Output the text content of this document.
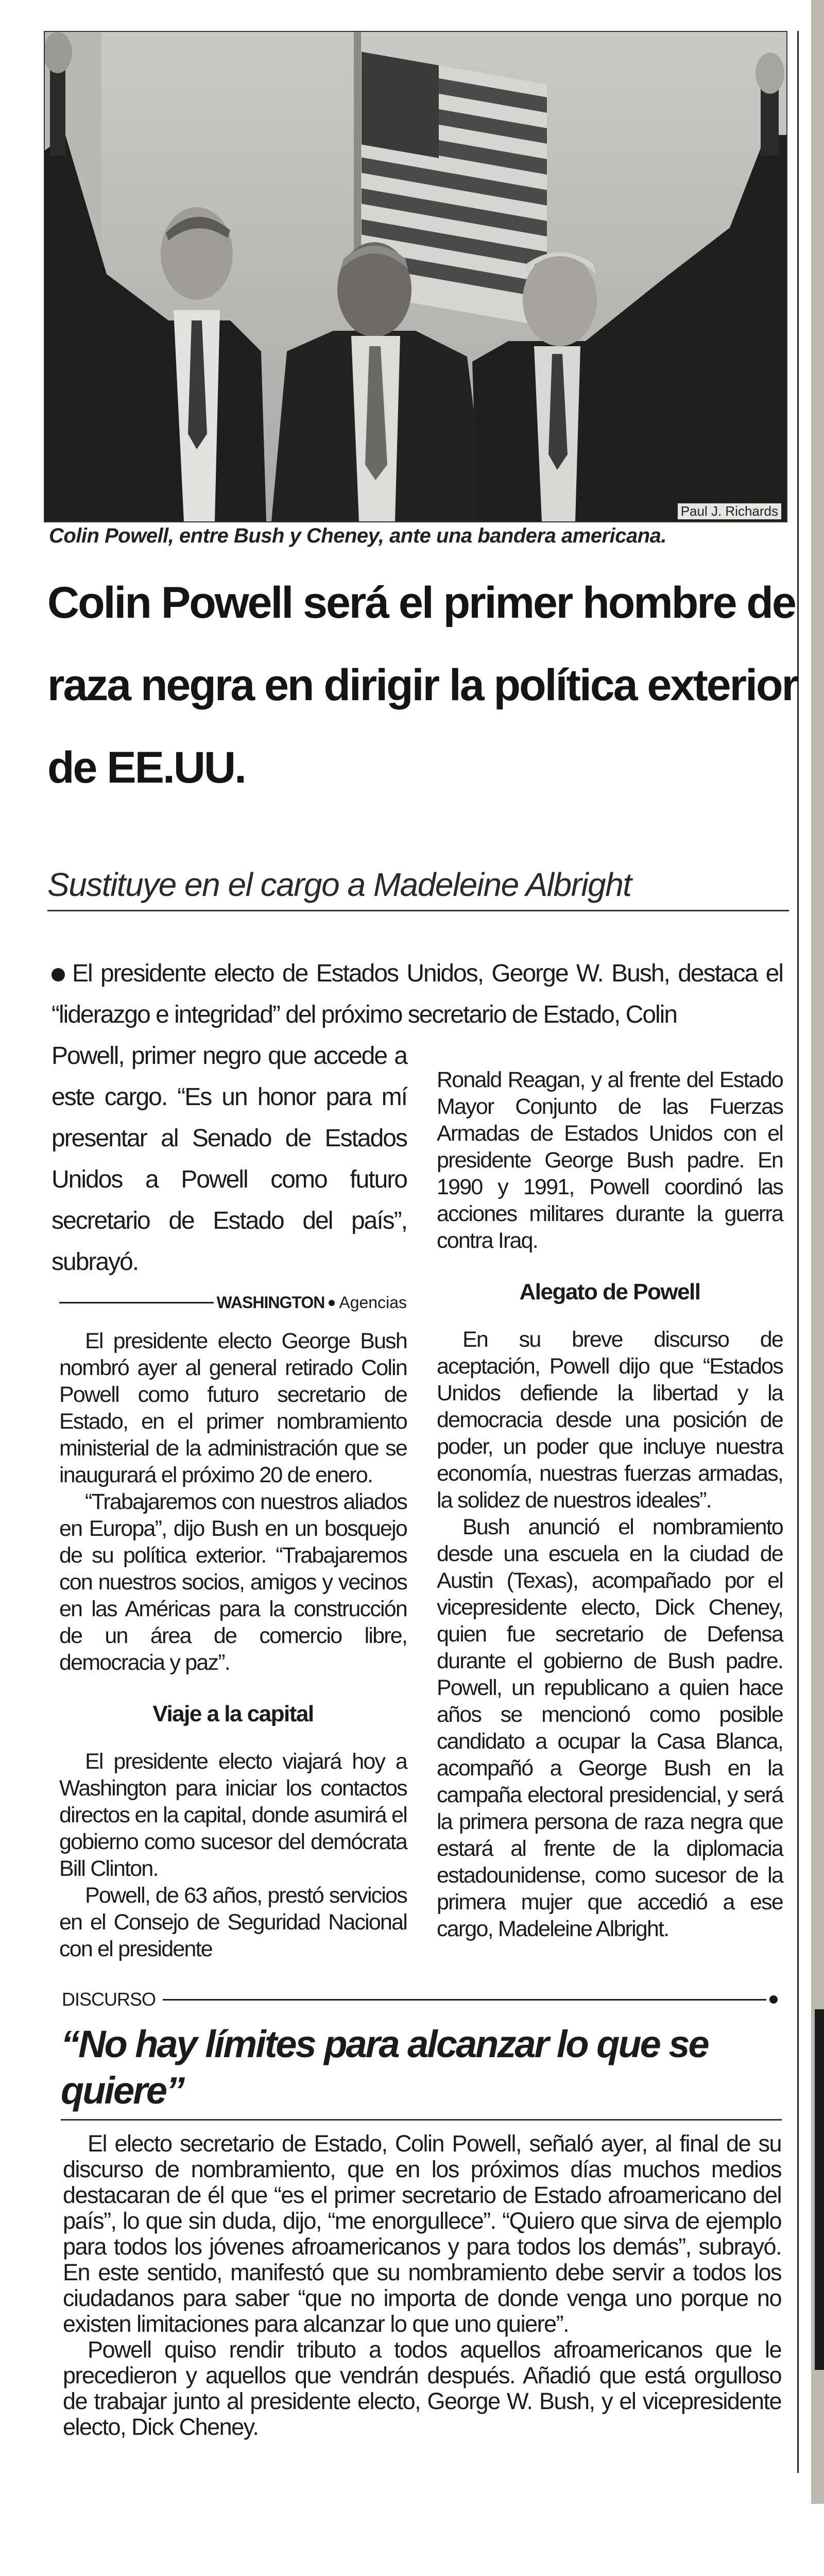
Paul J. Richards
Colin Powell, entre Bush y Cheney, ante una bandera americana.
Colin Powell será el primer hombre de raza negra en dirigir la política exterior de EE.UU.
Sustituye en el cargo a Madeleine Albright
El presidente electo de Estados Unidos, George W. Bush, destaca el “liderazgo e integridad” del próximo secretario de Estado, Colin
Powell, primer negro que accede a este cargo. “Es un honor para mí presentar al Senado de Estados Unidos a Powell como futuro secretario de Estado del país”, subrayó.
WASHINGTON Agencias

El presidente electo George Bush nombró ayer al general retirado Colin Powell como futuro secretario de Estado, en el primer nombramiento ministerial de la administración que se inaugurará el próximo 20 de enero.

“Trabajaremos con nuestros aliados en Europa”, dijo Bush en un bosquejo de su política exterior. “Trabajaremos con nuestros socios, amigos y vecinos en las Américas para la construcción de un área de comercio libre, democracia y paz”.

Viaje a la capital

El presidente electo viajará hoy a Washington para iniciar los contactos directos en la capital, donde asumirá el gobierno como sucesor del demócrata Bill Clinton.

Powell, de 63 años, prestó servicios en el Consejo de Seguridad Nacional con el presidente

Ronald Reagan, y al frente del Estado Mayor Conjunto de las Fuerzas Armadas de Estados Unidos con el presidente George Bush padre. En 1990 y 1991, Powell coordinó las acciones militares durante la guerra contra Iraq.

Alegato de Powell

En su breve discurso de aceptación, Powell dijo que “Estados Unidos defiende la libertad y la democracia desde una posición de poder, un poder que incluye nuestra economía, nuestras fuerzas armadas, la solidez de nuestros ideales”.

Bush anunció el nombramiento desde una escuela en la ciudad de Austin (Texas), acompañado por el vicepresidente electo, Dick Cheney, quien fue secretario de Defensa durante el gobierno de Bush padre. Powell, un republicano a quien hace años se mencionó como posible candidato a ocupar la Casa Blanca, acompañó a George Bush en la campaña electoral presidencial, y será la primera persona de raza negra que estará al frente de la diplomacia estadounidense, como sucesor de la primera mujer que accedió a ese cargo, Madeleine Albright.

DISCURSO
“No hay límites para alcanzar lo que se quiere”

El electo secretario de Estado, Colin Powell, señaló ayer, al final de su discurso de nombramiento, que en los próximos días muchos medios destacaran de él que “es el primer secretario de Estado afroamericano del país”, lo que sin duda, dijo, “me enorgullece”. “Quiero que sirva de ejemplo para todos los jóvenes afroamericanos y para todos los demás”, subrayó. En este sentido, manifestó que su nombramiento debe servir a todos los ciudadanos para saber “que no importa de donde venga uno porque no existen limitaciones para alcanzar lo que uno quiere”.

Powell quiso rendir tributo a todos aquellos afroamericanos que le precedieron y aquellos que vendrán después. Añadió que está orgulloso de trabajar junto al presidente electo, George W. Bush, y el vicepresidente electo, Dick Cheney.
